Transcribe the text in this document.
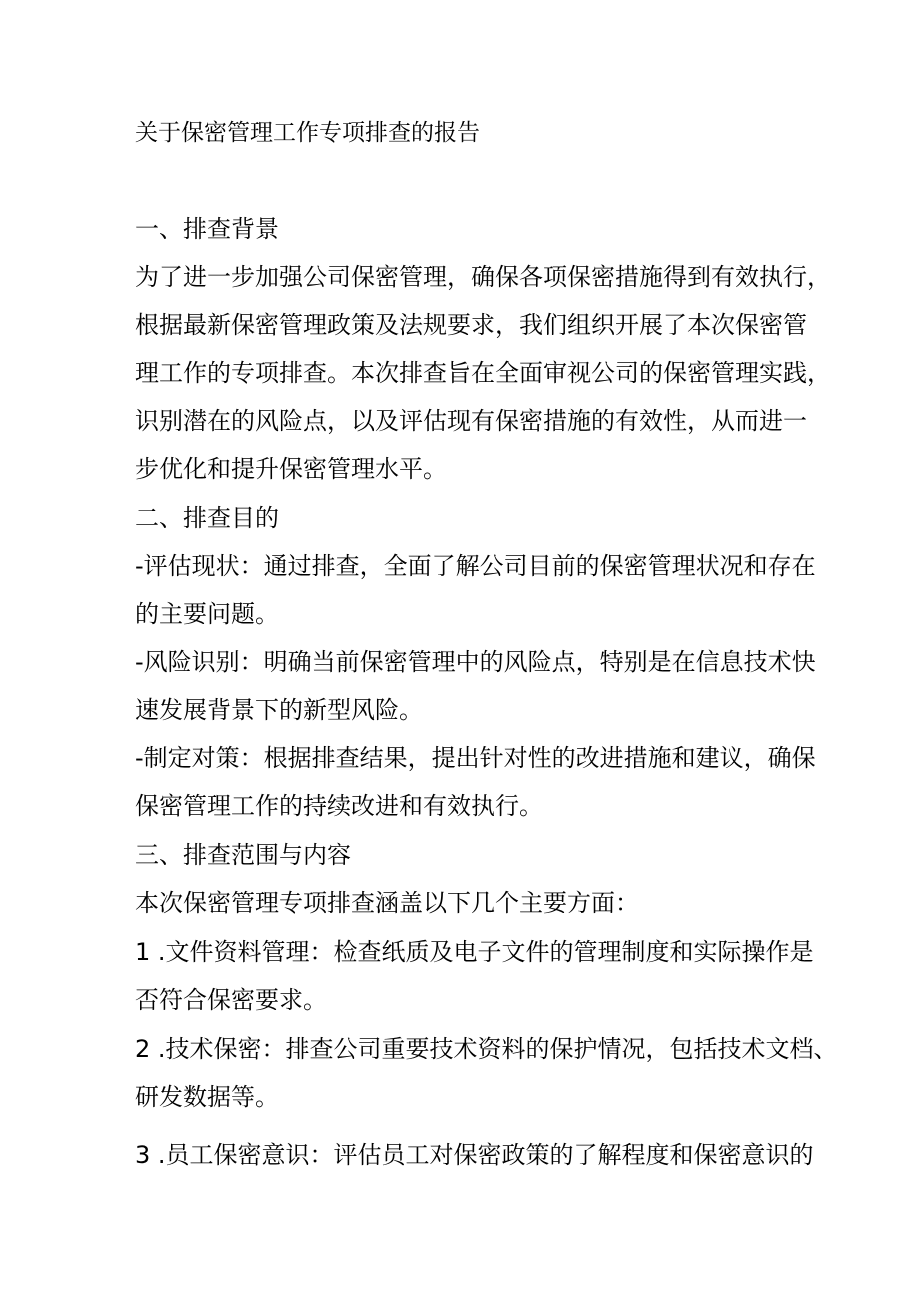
关于保密管理工作专项排查的报告
一、排查背景
为了进一步加强公司保密管理，确保各项保密措施得到有效执行，
根据最新保密管理政策及法规要求，我们组织开展了本次保密管
理工作的专项排查。本次排查旨在全面审视公司的保密管理实践，
识别潜在的风险点，以及评估现有保密措施的有效性，从而进一
步优化和提升保密管理水平。
二、排查目的
-评估现状：通过排查，全面了解公司目前的保密管理状况和存在
的主要问题。
-风险识别：明确当前保密管理中的风险点，特别是在信息技术快
速发展背景下的新型风险。
-制定对策：根据排查结果，提出针对性的改进措施和建议，确保
保密管理工作的持续改进和有效执行。
三、排查范围与内容
本次保密管理专项排查涵盖以下几个主要方面：
1 .文件资料管理：检查纸质及电子文件的管理制度和实际操作是
否符合保密要求。
2 .技术保密：排查公司重要技术资料的保护情况，包括技术文档、
研发数据等。
3 .员工保密意识：评估员工对保密政策的了解程度和保密意识的
